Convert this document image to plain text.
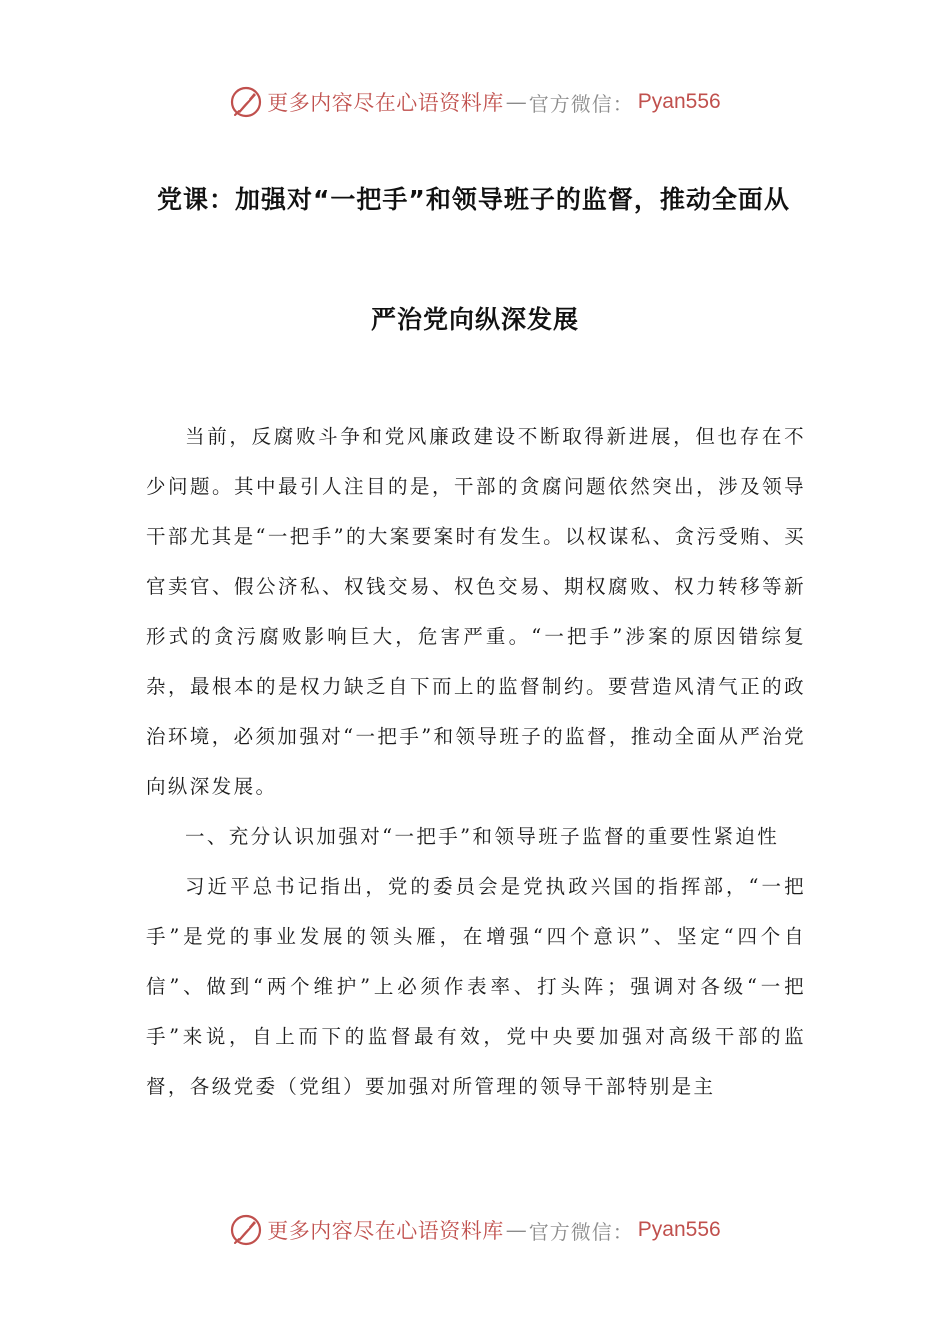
更多内容尽在心语资料库 — 官方微信： Pyan556
党课：加强对“一把手”和领导班子的监督，推动全面从
严治党向纵深发展

当前，反腐败斗争和党风廉政建设不断取得新进展，但也存在不少问题。其中最引人注目的是，干部的贪腐问题依然突出，涉及领导干部尤其是“一把手”的大案要案时有发生。以权谋私、贪污受贿、买官卖官、假公济私、权钱交易、权色交易、期权腐败、权力转移等新形式的贪污腐败影响巨大，危害严重。“一把手”涉案的原因错综复杂，最根本的是权力缺乏自下而上的监督制约。要营造风清气正的政治环境，必须加强对“一把手”和领导班子的监督，推动全面从严治党向纵深发展。

一、充分认识加强对“一把手”和领导班子监督的重要性紧迫性

习近平总书记指出，党的委员会是党执政兴国的指挥部，“一把手”是党的事业发展的领头雁，在增强“四个意识”、坚定“四个自信”、做到“两个维护”上必须作表率、打头阵；强调对各级“一把手”来说，自上而下的监督最有效，党中央要加强对高级干部的监督，各级党委（党组）要加强对所管理的领导干部特别是主

更多内容尽在心语资料库 — 官方微信： Pyan556
